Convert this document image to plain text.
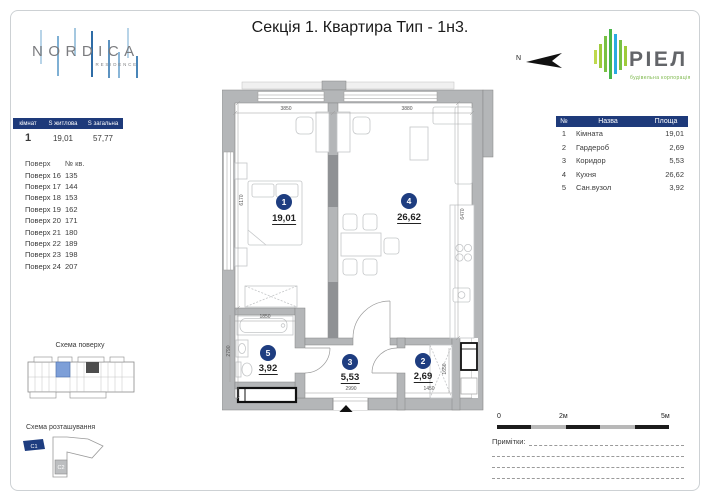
Секція 1. Квартира Тип - 1н3.
NORDICA
RESIDENCE
N	РІЕЛ
будівельна корпорація
кімнат	S житлова	S загальна
1	19,01	57,77
Поверх	№ кв.
Поверх 16 135
Поверх 17 144
Поверх 18 153
Поверх 19 162
Поверх 20 171
Поверх 21 180
Поверх 22 189
Поверх 23 198
Поверх 24 207
Схема поверху
Схема розташування
C1
C2
№	Назва	Площа
1	Кімната	19,01
2	Гардероб	2,69
3	Коридор	5,53
4	Кухня	26,62
5	Сан.вузол	3,92
1
19,01
4
26,62
5
3,92
3
5,53
2
2,69
3850	3880
6170
6470
1850
2790
2990	1450
1650
0	2м	5м
Примітки:
